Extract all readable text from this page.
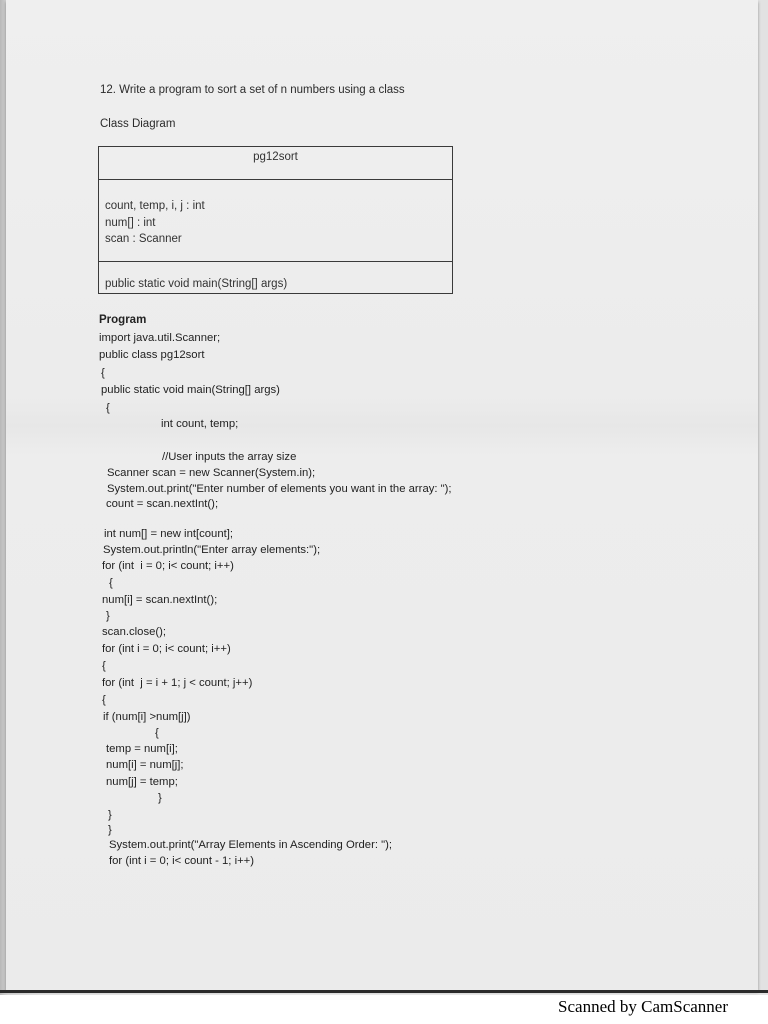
12. Write a program to sort a set of n numbers using a class
Class Diagram
pg12sort
count, temp, i, j : int
num[] : int
scan : Scanner
public static void main(String[] args)
Program
import java.util.Scanner;
public class pg12sort
{
public static void main(String[] args)
{
int count, temp;
//User inputs the array size
Scanner scan = new Scanner(System.in);
System.out.print("Enter number of elements you want in the array: ");
count = scan.nextInt();
int num[] = new int[count];
System.out.println("Enter array elements:");
for (int  i = 0; i< count; i++)
{
num[i] = scan.nextInt();
}
scan.close();
for (int i = 0; i< count; i++)
{
for (int  j = i + 1; j < count; j++)
{
if (num[i] >num[j])
{
temp = num[i];
num[i] = num[j];
num[j] = temp;
}
}
}
System.out.print("Array Elements in Ascending Order: ");
for (int i = 0; i< count - 1; i++)
Scanned by CamScanner
